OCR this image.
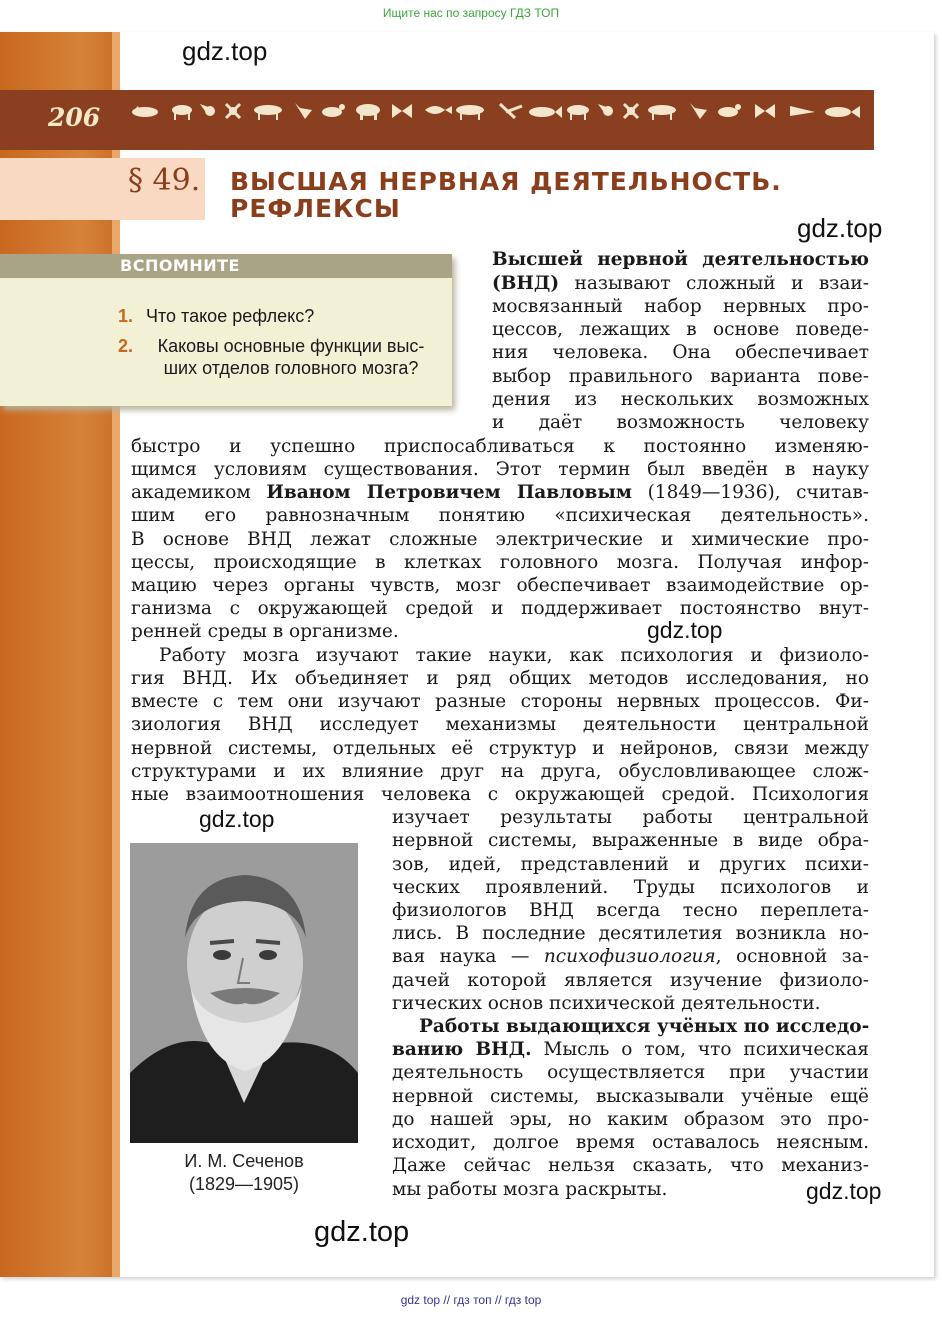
Ищите нас по запросу ГДЗ ТОП
gdz.top
206
§ 49. ВЫСШАЯ НЕРВНАЯ ДЕЯТЕЛЬНОСТЬ.
РЕФЛЕКСЫ
gdz.top
ВСПОМНИТЕ
1. Что такое рефлекс?
2.	Каковы основные функции выс-
ших отделов головного мозга?
Высшей нервной деятельностью
(ВНД) называют сложный и взаи-
мосвязанный набор нервных про-
цессов, лежащих в основе поведе-
ния человека. Она обеспечивает
выбор правильного варианта пове-
дения из нескольких возможных
и даёт возможность человеку
быстро и успешно приспосабливаться к постоянно изменяю-
щимся условиям существования. Этот термин был введён в науку
академиком Иваном Петровичем Павловым (1849—1936), считав-
шим его равнозначным понятию «психическая деятельность».
В основе ВНД лежат сложные электрические и химические про-
цессы, происходящие в клетках головного мозга. Получая инфор-
мацию через органы чувств, мозг обеспечивает взаимодействие ор-
ганизма с окружающей средой и поддерживает постоянство внут-
ренней среды в организме.	gdz.top
Работу мозга изучают такие науки, как психология и физиоло-
гия ВНД. Их объединяет и ряд общих методов исследования, но
вместе с тем они изучают разные стороны нервных процессов. Фи-
зиология ВНД исследует механизмы деятельности центральной
нервной системы, отдельных её структур и нейронов, связи между
структурами и их влияние друг на друга, обусловливающее слож-
ные взаимоотношения человека с окружающей средой. Психология
изучает результаты работы центральной
нервной системы, выраженные в виде обра-
зов, идей, представлений и других психи-
ческих проявлений. Труды психологов и
физиологов ВНД всегда тесно переплета-
лись. В последние десятилетия возникла но-
вая наука — психофизиология, основной за-
дачей которой является изучение физиоло-
гических основ психической деятельности.
Работы выдающихся учёных по исследо-
ванию ВНД. Мысль о том, что психическая
деятельность осуществляется при участии
нервной системы, высказывали учёные ещё
до нашей эры, но каким образом это про-
исходит, долгое время оставалось неясным.
Даже сейчас нельзя сказать, что механиз-
мы работы мозга раскрыты.
gdz.top
И. М. Сеченов
(1829—1905)	gdz.top
gdz.top
gdz top // гдз топ // гдз top
